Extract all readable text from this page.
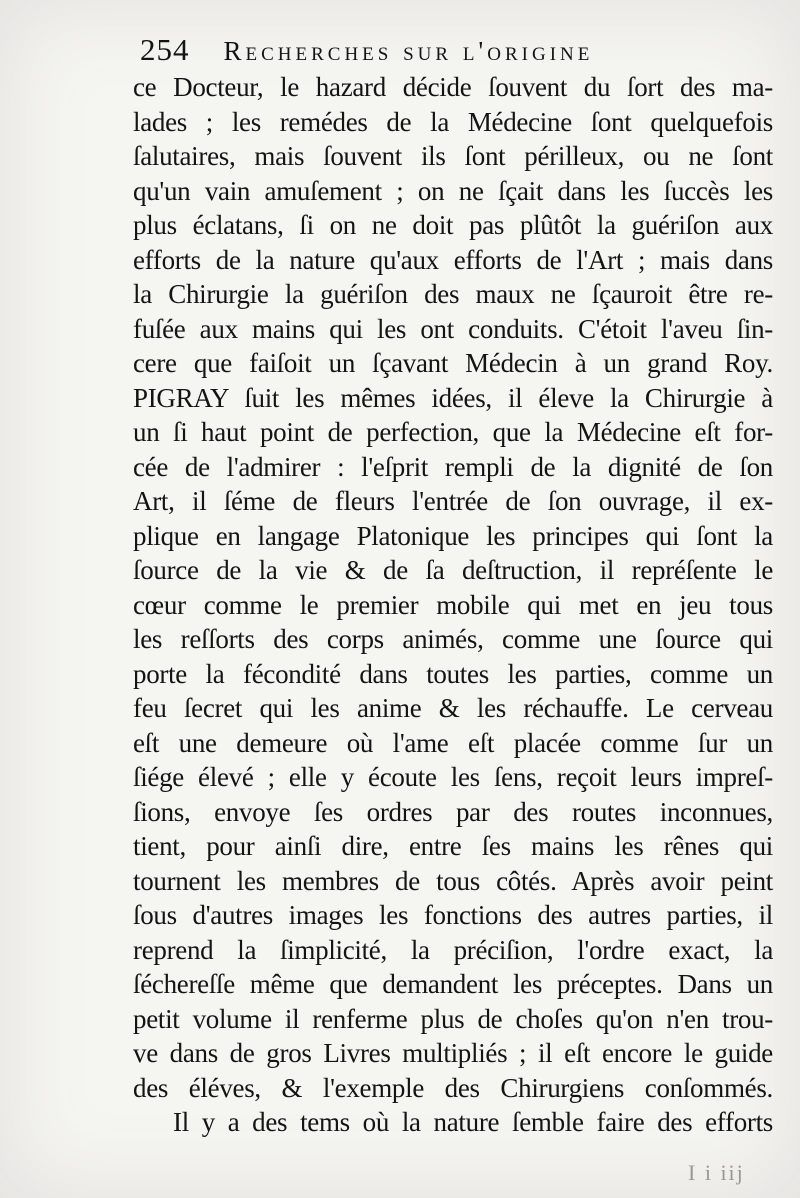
254 Recherches sur l'origine
ce Docteur, le hazard décide ſouvent du ſort des ma-
lades ; les remédes de la Médecine ſont quelquefois
ſalutaires, mais ſouvent ils ſont périlleux, ou ne ſont
qu'un vain amuſement ; on ne ſçait dans les ſuccès les
plus éclatans, ſi on ne doit pas plûtôt la guériſon aux
efforts de la nature qu'aux efforts de l'Art ; mais dans
la Chirurgie la guériſon des maux ne ſçauroit être re-
fuſée aux mains qui les ont conduits. C'étoit l'aveu ſin-
cere que faiſoit un ſçavant Médecin à un grand Roy.
PIGRAY ſuit les mêmes idées, il éleve la Chirurgie à
un ſi haut point de perfection, que la Médecine eſt for-
cée de l'admirer : l'eſprit rempli de la dignité de ſon
Art, il ſéme de fleurs l'entrée de ſon ouvrage, il ex-
plique en langage Platonique les principes qui ſont la
ſource de la vie & de ſa deſtruction, il repréſente le
cœur comme le premier mobile qui met en jeu tous
les reſſorts des corps animés, comme une ſource qui
porte la fécondité dans toutes les parties, comme un
feu ſecret qui les anime & les réchauffe. Le cerveau
eſt une demeure où l'ame eſt placée comme ſur un
ſiége élevé ; elle y écoute les ſens, reçoit leurs impreſ-
ſions, envoye ſes ordres par des routes inconnues,
tient, pour ainſi dire, entre ſes mains les rênes qui
tournent les membres de tous côtés. Après avoir peint
ſous d'autres images les fonctions des autres parties, il
reprend la ſimplicité, la préciſion, l'ordre exact, la
ſéchereſſe même que demandent les préceptes. Dans un
petit volume il renferme plus de choſes qu'on n'en trou-
ve dans de gros Livres multipliés ; il eſt encore le guide
des éléves, & l'exemple des Chirurgiens conſommés.
Il y a des tems où la nature ſemble faire des efforts
I i iij
